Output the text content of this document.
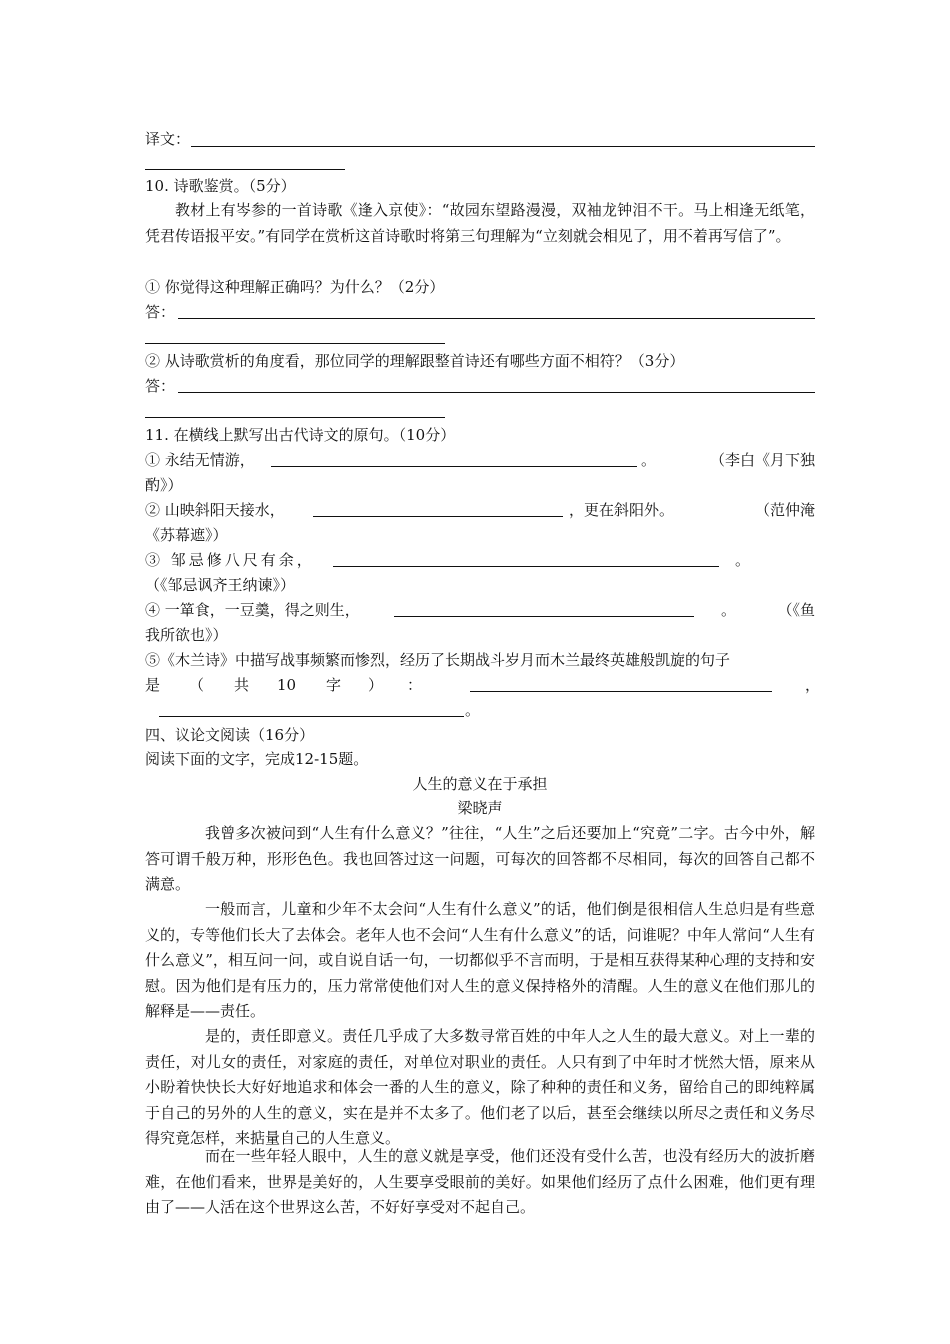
译文：
10. 诗歌鉴赏。（5分）
教材上有岑参的一首诗歌《逢入京使》：“故园东望路漫漫，双袖龙钟泪不干。马上相逢无纸笔，凭君传语报平安。”有同学在赏析这首诗歌时将第三句理解为“立刻就会相见了，用不着再写信了”。
① 你觉得这种理解正确吗？为什么？（2分）
答：
② 从诗歌赏析的角度看，那位同学的理解跟整首诗还有哪些方面不相符？（3分）
答：
11. 在横线上默写出古代诗文的原句。（10分）
① 永结无情游，	。	（李白《月下独
酌》）
② 山映斜阳天接水，	，更在斜阳外。	（范仲淹
《苏幕遮》）
③ 邹忌修八尺有余，	。
（《邹忌讽齐王纳谏》）
④ 一箪食，一豆羹，得之则生，	。	（《鱼
我所欲也》）
⑤《木兰诗》中描写战事频繁而惨烈，经历了长期战斗岁月而木兰最终英雄般凯旋的句子
是 （ 共 10 字 ） ：	，
。
四、议论文阅读（16分）
阅读下面的文字，完成12-15题。
人生的意义在于承担
梁晓声
我曾多次被问到“人生有什么意义？”往往，“人生”之后还要加上“究竟”二字。古今中外，解答可谓千般万种，形形色色。我也回答过这一问题，可每次的回答都不尽相同，每次的回答自己都不满意。
一般而言，儿童和少年不太会问“人生有什么意义”的话，他们倒是很相信人生总归是有些意义的，专等他们长大了去体会。老年人也不会问“人生有什么意义”的话，问谁呢？中年人常问“人生有什么意义”，相互问一问，或自说自话一句，一切都似乎不言而明，于是相互获得某种心理的支持和安慰。因为他们是有压力的，压力常常使他们对人生的意义保持格外的清醒。人生的意义在他们那儿的解释是——责任。
是的，责任即意义。责任几乎成了大多数寻常百姓的中年人之人生的最大意义。对上一辈的责任，对儿女的责任，对家庭的责任，对单位对职业的责任。人只有到了中年时才恍然大悟，原来从小盼着快快长大好好地追求和体会一番的人生的意义，除了种种的责任和义务，留给自己的即纯粹属于自己的另外的人生的意义，实在是并不太多了。他们老了以后，甚至会继续以所尽之责任和义务尽得究竟怎样，来掂量自己的人生意义。
而在一些年轻人眼中，人生的意义就是享受，他们还没有受什么苦，也没有经历大的波折磨难，在他们看来，世界是美好的，人生要享受眼前的美好。如果他们经历了点什么困难，他们更有理由了——人活在这个世界这么苦，不好好享受对不起自己。
